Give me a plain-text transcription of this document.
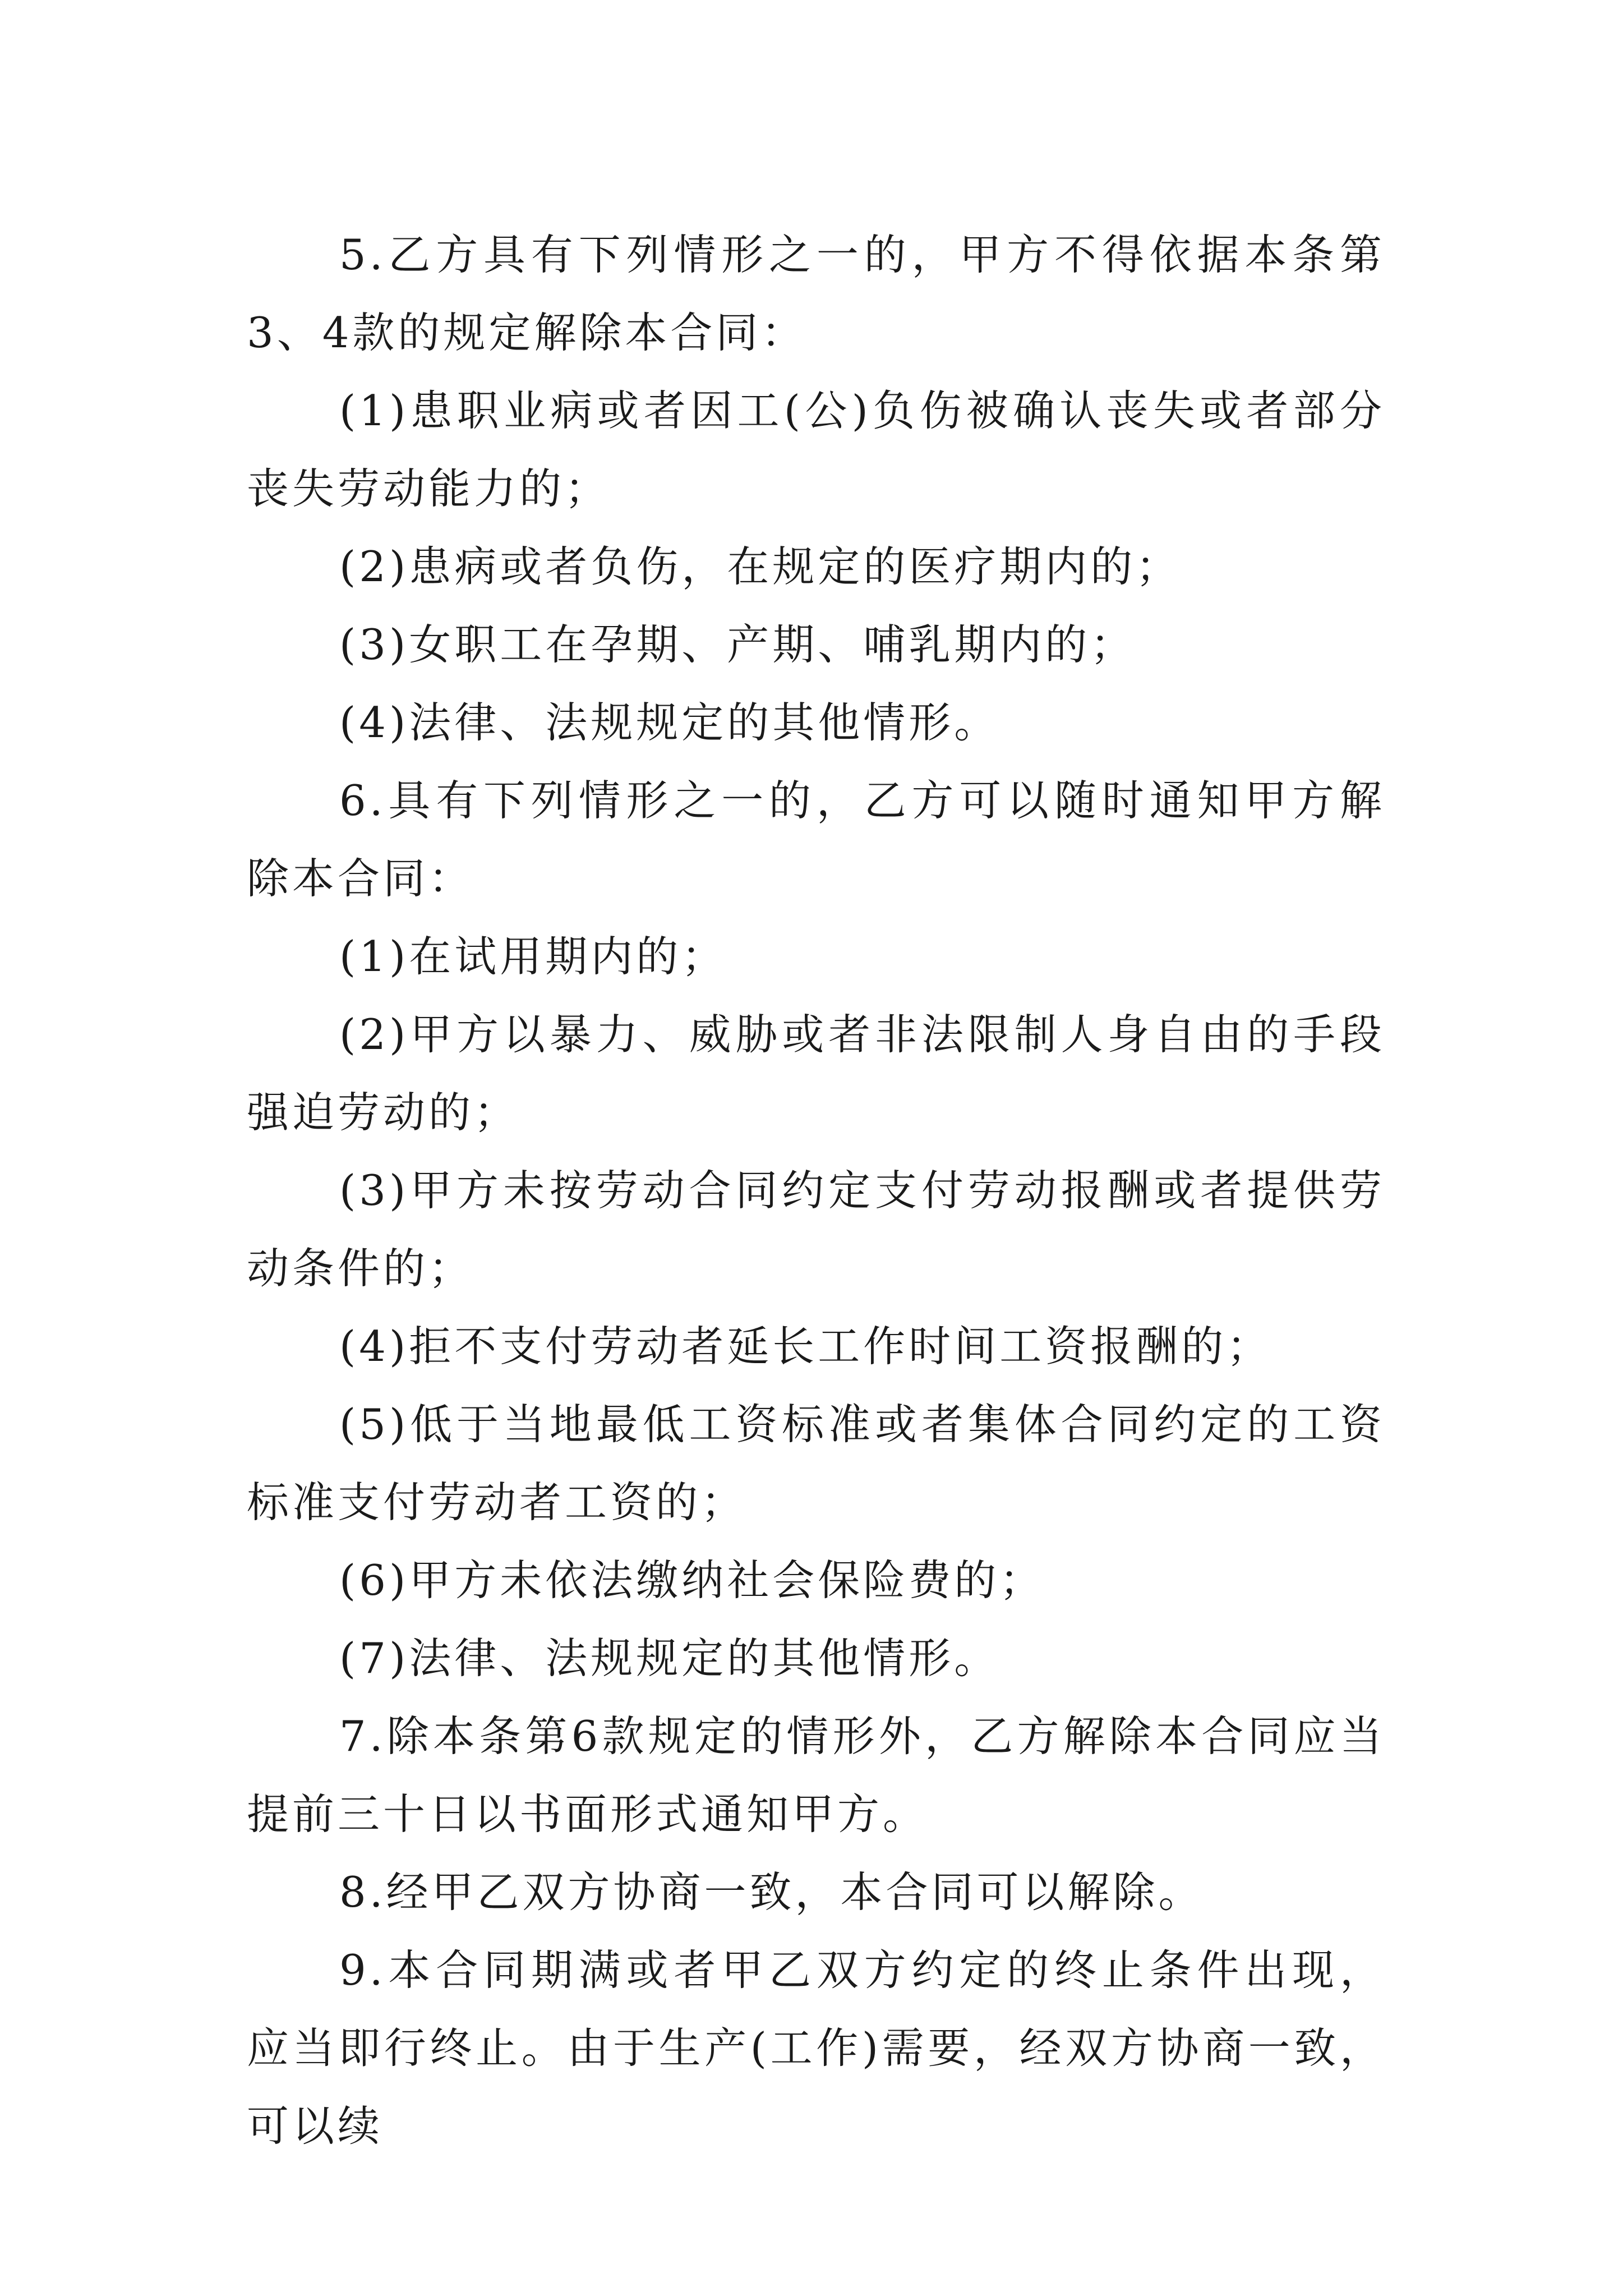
5.乙方具有下列情形之一的，甲方不得依据本条第3、4款的规定解除本合同：

(1)患职业病或者因工(公)负伤被确认丧失或者部分丧失劳动能力的；

(2)患病或者负伤，在规定的医疗期内的；

(3)女职工在孕期、产期、哺乳期内的；

(4)法律、法规规定的其他情形。

6.具有下列情形之一的，乙方可以随时通知甲方解除本合同：

(1)在试用期内的；

(2)甲方以暴力、威胁或者非法限制人身自由的手段强迫劳动的；

(3)甲方未按劳动合同约定支付劳动报酬或者提供劳动条件的；

(4)拒不支付劳动者延长工作时间工资报酬的；

(5)低于当地最低工资标准或者集体合同约定的工资标准支付劳动者工资的；

(6)甲方未依法缴纳社会保险费的；

(7)法律、法规规定的其他情形。

7.除本条第6款规定的情形外，乙方解除本合同应当提前三十日以书面形式通知甲方。

8.经甲乙双方协商一致，本合同可以解除。

9.本合同期满或者甲乙双方约定的终止条件出现，应当即行终止。由于生产(工作)需要，经双方协商一致，可以续
